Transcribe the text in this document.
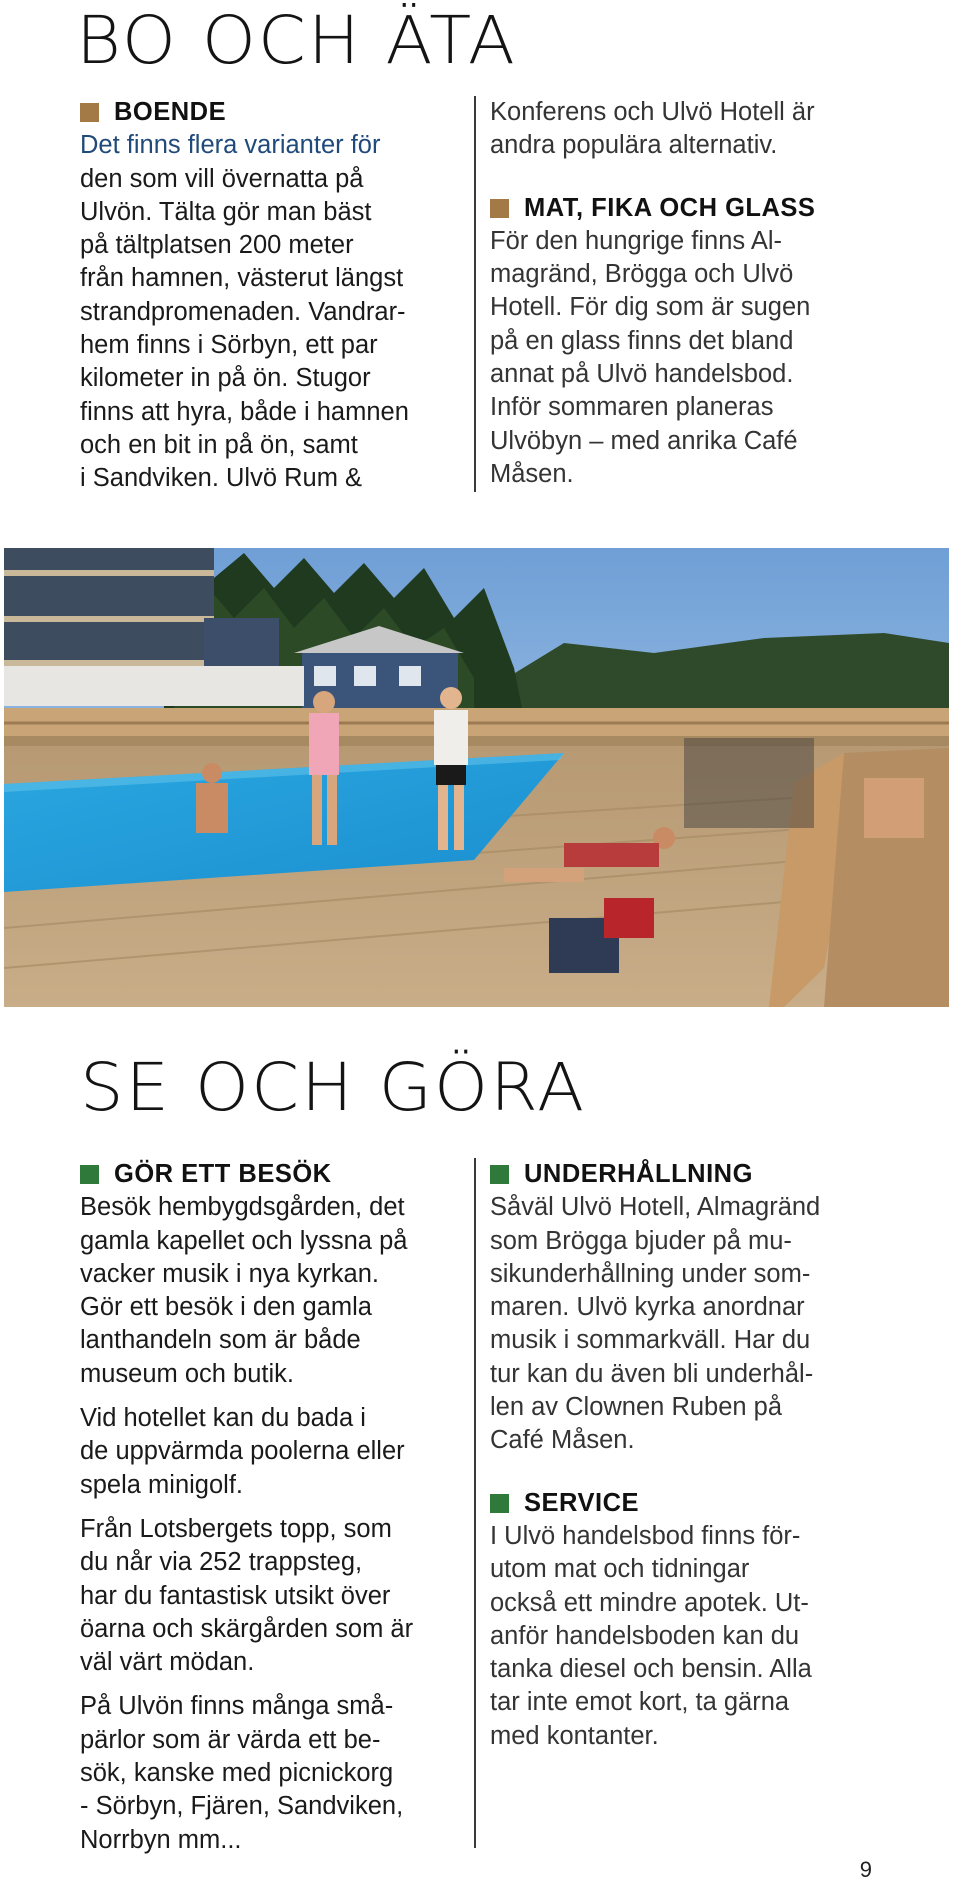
BO OCH ÄTA
BOENDE

Det finns flera varianter för

den som vill övernatta på

Ulvön. Tälta gör man bäst

på tältplatsen 200 meter

från hamnen, västerut längst

strandpromenaden. Vandrar-

hem finns i Sörbyn, ett par

kilometer in på ön. Stugor

finns att hyra, både i hamnen

och en bit in på ön, samt

i Sandviken. Ulvö Rum &

Konferens och Ulvö Hotell är

andra populära alternativ.

MAT, FIKA OCH GLASS

För den hungrige finns Al-

magränd, Brögga och Ulvö

Hotell. För dig som är sugen

på en glass finns det bland

annat på Ulvö handelsbod.

Inför sommaren planeras

Ulvöbyn – med anrika Café

Måsen.

SE OCH GÖRA
GÖR ETT BESÖK

Besök hembygdsgården, det

gamla kapellet och lyssna på

vacker musik i nya kyrkan.

Gör ett besök i den gamla

lanthandeln som är både

museum och butik.

Vid hotellet kan du bada i

de uppvärmda poolerna eller

spela minigolf.

Från Lotsbergets topp, som

du når via 252 trappsteg,

har du fantastisk utsikt över

öarna och skärgården som är

väl värt mödan.

På Ulvön finns många små-

pärlor som är värda ett be-

sök, kanske med picnickorg

- Sörbyn, Fjären, Sandviken,

Norrbyn mm...

UNDERHÅLLNING

Såväl Ulvö Hotell, Almagränd

som Brögga bjuder på mu-

sikunderhållning under som-

maren. Ulvö kyrka anordnar

musik i sommarkväll. Har du

tur kan du även bli underhål-

len av Clownen Ruben på

Café Måsen.

SERVICE

I Ulvö handelsbod finns för-

utom mat och tidningar

också ett mindre apotek. Ut-

anför handelsboden kan du

tanka diesel och bensin. Alla

tar inte emot kort, ta gärna

med kontanter.

9
